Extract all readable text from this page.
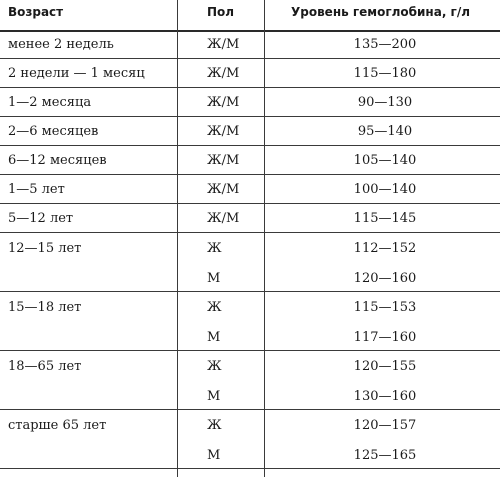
Возраст	Пол	Уровень гемоглобина, г/л
менее 2 недель	Ж/М	135—200
2 недели — 1 месяц	Ж/М	115—180
1—2 месяца	Ж/М	90—130
2—6 месяцев	Ж/М	95—140
6—12 месяцев	Ж/М	105—140
1—5 лет	Ж/М	100—140
5—12 лет	Ж/М	115—145
12—15 лет	Ж	112—152
М	120—160
15—18 лет	Ж	115—153
М	117—160
18—65 лет	Ж	120—155
М	130—160
старше 65 лет	Ж	120—157
М	125—165
